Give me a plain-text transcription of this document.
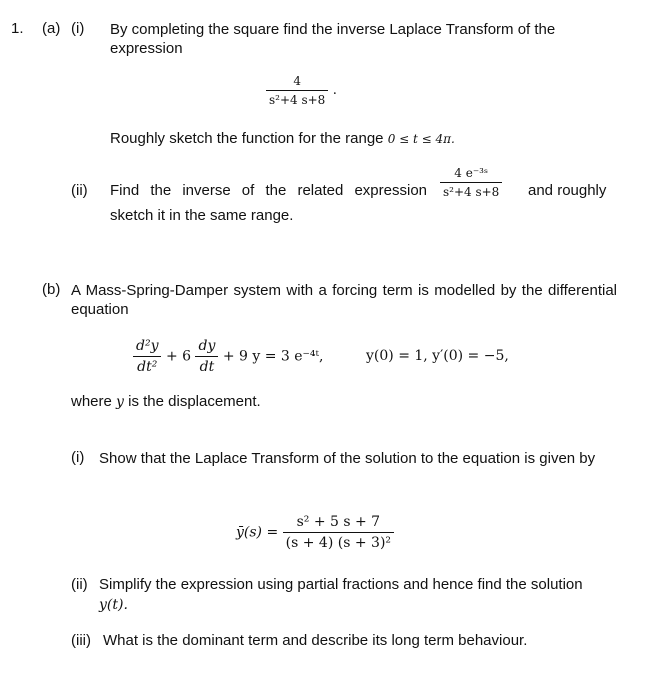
1. (a) (i) By completing the square find the inverse Laplace Transform of the expression
$\frac{4}{\text{s²+4 s+8}}$ .
Roughly sketch the function for the range 0 ≤ t ≤ 4π.
(ii) Find the inverse of the related expression $\frac{\text{4 e⁻³ˢ}}{\text{s²+4 s+8}}$ and roughly
sketch it in the same range.
(b) A Mass-Spring-Damper system with a forcing term is modelled by the differential equation
$\frac{\text{d²y}}{\text{dt²}} + 6 \frac{dy}{dt} + 9$ y = 3 e⁻⁴ᵗ,	y(0) = 1, y′(0) = −5,
where y is the displacement.
(i) Show that the Laplace Transform of the solution to the equation is given by
ȳ(s) = $\frac{\text{s² + 5 s + 7}}{\text{(s + 4) (s + 3)²}}$
(ii) Simplify the expression using partial fractions and hence find the solution
y(t).
(iii) What is the dominant term and describe its long term behaviour.
